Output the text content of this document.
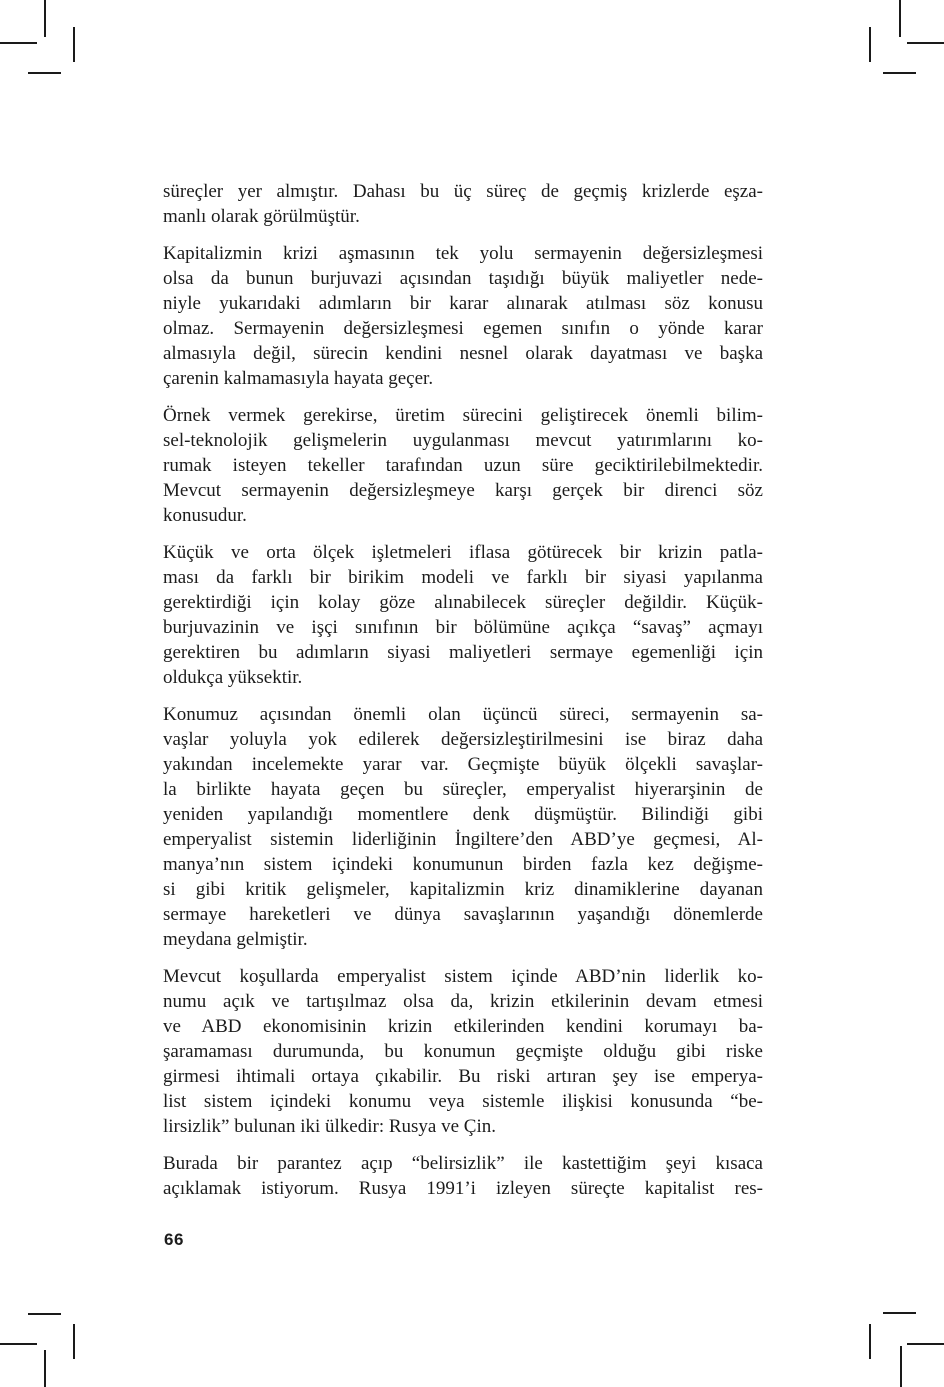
süreçler yer almıştır. Dahası bu üç süreç de geçmiş krizlerde eşza-
manlı olarak görülmüştür.
Kapitalizmin krizi aşmasının tek yolu sermayenin değersizleşmesi
olsa da bunun burjuvazi açısından taşıdığı büyük maliyetler nede-
niyle yukarıdaki adımların bir karar alınarak atılması söz konusu
olmaz. Sermayenin değersizleşmesi egemen sınıfın o yönde karar
almasıyla değil, sürecin kendini nesnel olarak dayatması ve başka
çarenin kalmamasıyla hayata geçer.
Örnek vermek gerekirse, üretim sürecini geliştirecek önemli bilim-
sel-teknolojik gelişmelerin uygulanması mevcut yatırımlarını ko-
rumak isteyen tekeller tarafından uzun süre geciktirilebilmektedir.
Mevcut sermayenin değersizleşmeye karşı gerçek bir direnci söz
konusudur.
Küçük ve orta ölçek işletmeleri iflasa götürecek bir krizin patla-
ması da farklı bir birikim modeli ve farklı bir siyasi yapılanma
gerektirdiği için kolay göze alınabilecek süreçler değildir. Küçük-
burjuvazinin ve işçi sınıfının bir bölümüne açıkça “savaş” açmayı
gerektiren bu adımların siyasi maliyetleri sermaye egemenliği için
oldukça yüksektir.
Konumuz açısından önemli olan üçüncü süreci, sermayenin sa-
vaşlar yoluyla yok edilerek değersizleştirilmesini ise biraz daha
yakından incelemekte yarar var. Geçmişte büyük ölçekli savaşlar-
la birlikte hayata geçen bu süreçler, emperyalist hiyerarşinin de
yeniden yapılandığı momentlere denk düşmüştür. Bilindiği gibi
emperyalist sistemin liderliğinin İngiltere’den ABD’ye geçmesi, Al-
manya’nın sistem içindeki konumunun birden fazla kez değişme-
si gibi kritik gelişmeler, kapitalizmin kriz dinamiklerine dayanan
sermaye hareketleri ve dünya savaşlarının yaşandığı dönemlerde
meydana gelmiştir.
Mevcut koşullarda emperyalist sistem içinde ABD’nin liderlik ko-
numu açık ve tartışılmaz olsa da, krizin etkilerinin devam etmesi
ve ABD ekonomisinin krizin etkilerinden kendini korumayı ba-
şaramaması durumunda, bu konumun geçmişte olduğu gibi riske
girmesi ihtimali ortaya çıkabilir. Bu riski artıran şey ise emperya-
list sistem içindeki konumu veya sistemle ilişkisi konusunda “be-
lirsizlik” bulunan iki ülkedir: Rusya ve Çin.
Burada bir parantez açıp “belirsizlik” ile kastettiğim şeyi kısaca
açıklamak istiyorum. Rusya 1991’i izleyen süreçte kapitalist res-
66
